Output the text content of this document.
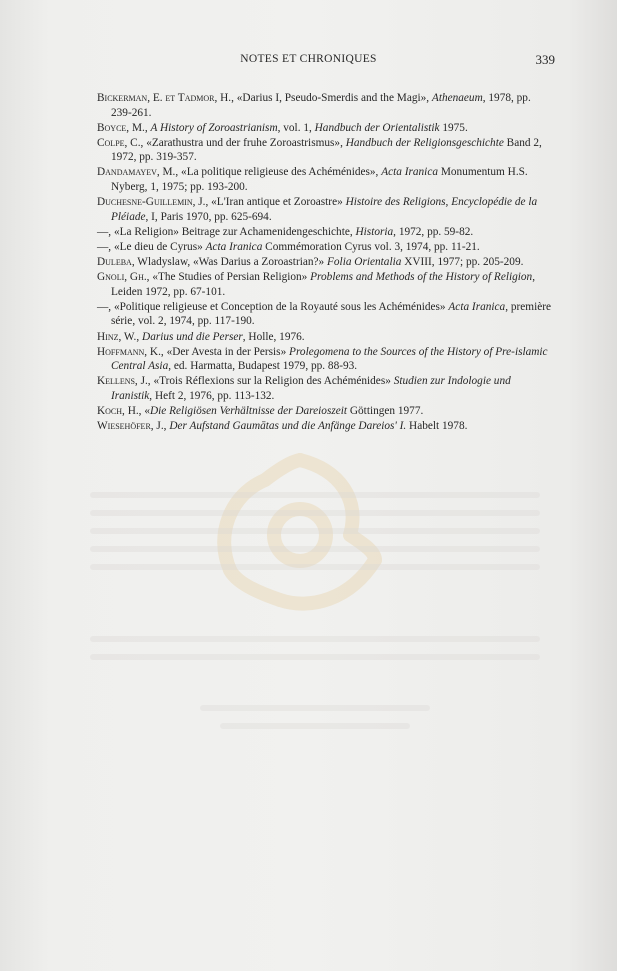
NOTES ET CHRONIQUES	339
Bickerman, E. et Tadmor, H., «Darius I, Pseudo-Smerdis and the Magi», Athenaeum, 1978, pp. 239-261.
Boyce, M., A History of Zoroastrianism, vol. 1, Handbuch der Orientalistik 1975.
Colpe, C., «Zarathustra und der fruhe Zoroastrismus», Handbuch der Religionsgeschichte Band 2, 1972, pp. 319-357.
Dandamayev, M., «La politique religieuse des Achéménides», Acta Iranica Monumentum H.S. Nyberg, 1, 1975; pp. 193-200.
Duchesne-Guillemin, J., «L'Iran antique et Zoroastre» Histoire des Religions, Encyclopédie de la Pléiade, I, Paris 1970, pp. 625-694.
—, «La Religion» Beitrage zur Achamenidengeschichte, Historia, 1972, pp. 59-82.
—, «Le dieu de Cyrus» Acta Iranica Commémoration Cyrus vol. 3, 1974, pp. 11-21.
Duleba, Wladyslaw, «Was Darius a Zoroastrian?» Folia Orientalia XVIII, 1977; pp. 205-209.
Gnoli, Gh., «The Studies of Persian Religion» Problems and Methods of the History of Religion, Leiden 1972, pp. 67-101.
—, «Politique religieuse et Conception de la Royauté sous les Achéménides» Acta Iranica, première série, vol. 2, 1974, pp. 117-190.
Hinz, W., Darius und die Perser, Holle, 1976.
Hoffmann, K., «Der Avesta in der Persis» Prolegomena to the Sources of the History of Pre-islamic Central Asia, ed. Harmatta, Budapest 1979, pp. 88-93.
Kellens, J., «Trois Réflexions sur la Religion des Achéménides» Studien zur Indologie und Iranistik, Heft 2, 1976, pp. 113-132.
Koch, H., «Die Religiösen Verhältnisse der Dareioszeit Göttingen 1977.
Wiesehöfer, J., Der Aufstand Gaumātas und die Anfänge Dareios' I. Habelt 1978.
